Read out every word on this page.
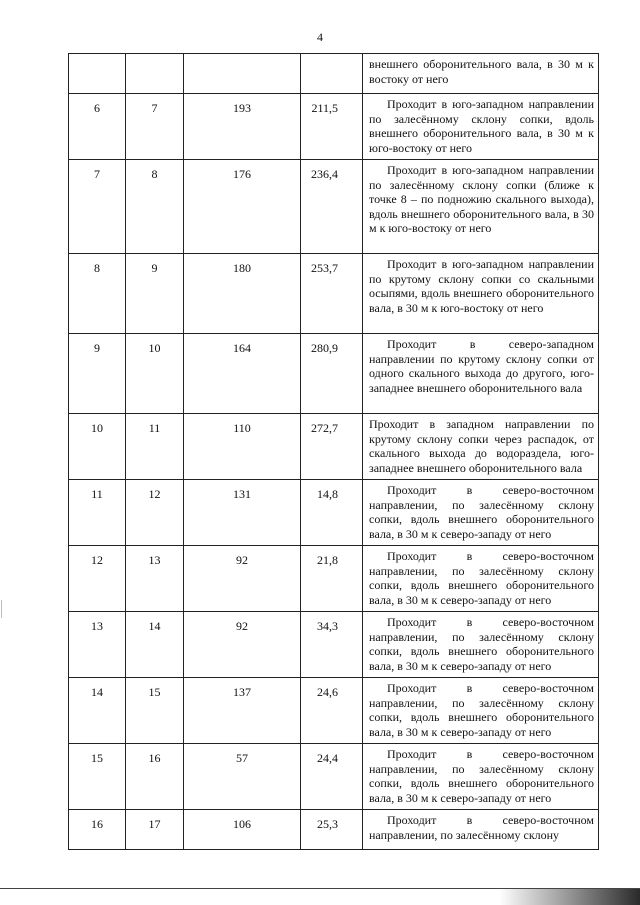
4
				внешнего оборонительного вала, в 30 м к востоку от него
6	7	193	211,5	Проходит в юго-западном направлении по залесённому склону сопки, вдоль внешнего оборонительного вала, в 30 м к юго-востоку от него
7	8	176	236,4	Проходит в юго-западном направлении по залесённому склону сопки (ближе к точке 8 – по подножию скального выхода), вдоль внешнего оборонительного вала, в 30 м к юго-востоку от него
8	9	180	253,7	Проходит в юго-западном направлении по крутому склону сопки со скальными осыпями, вдоль внешнего оборонительного вала, в 30 м к юго-востоку от него
9	10	164	280,9	Проходит в северо-западном направлении по крутому склону сопки от одного скального выхода до другого, юго-западнее внешнего оборонительного вала
10	11	110	272,7	Проходит в западном направлении по крутому склону сопки через распадок, от скального выхода до водораздела, юго-западнее внешнего оборонительного вала
11	12	131	14,8	Проходит в северо-восточном направлении, по залесённому склону сопки, вдоль внешнего оборонительного вала, в 30 м к северо-западу от него
12	13	92	21,8	Проходит в северо-восточном направлении, по залесённому склону сопки, вдоль внешнего оборонительного вала, в 30 м к северо-западу от него
13	14	92	34,3	Проходит в северо-восточном направлении, по залесённому склону сопки, вдоль внешнего оборонительного вала, в 30 м к северо-западу от него
14	15	137	24,6	Проходит в северо-восточном направлении, по залесённому склону сопки, вдоль внешнего оборонительного вала, в 30 м к северо-западу от него
15	16	57	24,4	Проходит в северо-восточном направлении, по залесённому склону сопки, вдоль внешнего оборонительного вала, в 30 м к северо-западу от него
16	17	106	25,3	Проходит в северо-восточном направлении, по залесённому склону
